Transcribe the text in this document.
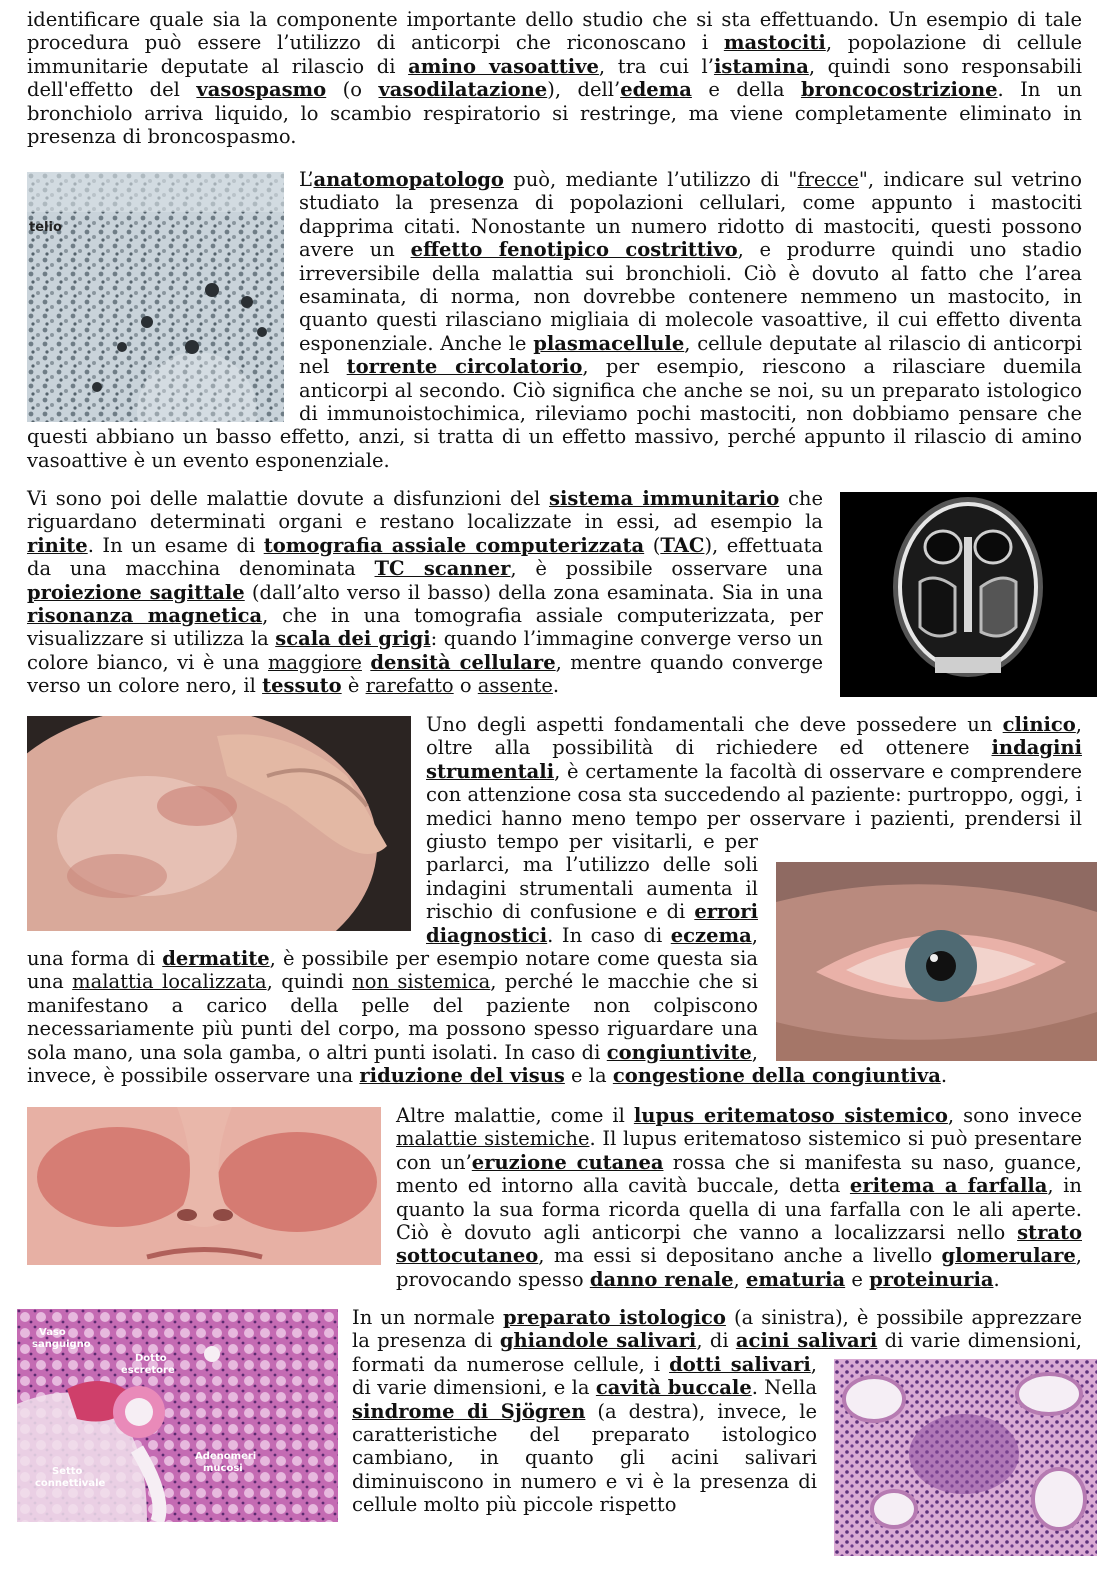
identificare quale sia la componente importante dello studio che si sta effettuando. Un esempio di tale procedura può essere l’utilizzo di anticorpi che riconoscano i mastociti, popolazione di cellule immunitarie deputate al rilascio di amino vasoattive, tra cui l’istamina, quindi sono responsabili dell'effetto del vasospasmo (o vasodilatazione), dell’edema e della broncocostrizione. In un bronchiolo arriva liquido, lo scambio respiratorio si restringe, ma viene completamente eliminato in presenza di broncospasmo.

telio

L’anatomopatologo può, mediante l’utilizzo di "frecce", indicare sul vetrino studiato la presenza di popolazioni cellulari, come appunto i mastociti dapprima citati. Nonostante un numero ridotto di mastociti, questi possono avere un effetto fenotipico costrittivo, e produrre quindi uno stadio irreversibile della malattia sui bronchioli. Ciò è dovuto al fatto che l’area esaminata, di norma, non dovrebbe contenere nemmeno un mastocito, in quanto questi rilasciano migliaia di molecole vasoattive, il cui effetto diventa esponenziale. Anche le plasmacellule, cellule deputate al rilascio di anticorpi nel torrente circolatorio, per esempio, riescono a rilasciare duemila anticorpi al secondo. Ciò significa che anche se noi, su un preparato istologico di immunoistochimica, rileviamo pochi mastociti, non dobbiamo pensare che questi abbiano un basso effetto, anzi, si tratta di un effetto massivo, perché appunto il rilascio di amino vasoattive è un evento esponenziale.

Vi sono poi delle malattie dovute a disfunzioni del sistema immunitario che riguardano determinati organi e restano localizzate in essi, ad esempio la rinite. In un esame di tomografia assiale computerizzata (TAC), effettuata da una macchina denominata TC scanner, è possibile osservare una proiezione sagittale (dall’alto verso il basso) della zona esaminata. Sia in una risonanza magnetica, che in una tomografia assiale computerizzata, per visualizzare si utilizza la scala dei grigi: quando l’immagine converge verso un colore bianco, vi è una maggiore densità cellulare, mentre quando converge verso un colore nero, il tessuto è rarefatto o assente.

Uno degli aspetti fondamentali che deve possedere un clinico, oltre alla possibilità di richiedere ed ottenere indagini strumentali, è certamente la facoltà di osservare e comprendere con attenzione cosa sta succedendo al paziente: purtroppo, oggi, i medici hanno meno tempo per osservare i pazienti, prendersi il giusto tempo per visitarli, e per parlarci, ma l’utilizzo delle soli indagini strumentali aumenta il rischio di confusione e di errori diagnostici. In caso di eczema, una forma di dermatite, è possibile per esempio notare come questa sia una malattia localizzata, quindi non sistemica, perché le macchie che si manifestano a carico della pelle del paziente non colpiscono necessariamente più punti del corpo, ma possono spesso riguardare una sola mano, una sola gamba, o altri punti isolati. In caso di congiuntivite, invece, è possibile osservare una riduzione del visus e la congestione della congiuntiva.

Altre malattie, come il lupus eritematoso sistemico, sono invece malattie sistemiche. Il lupus eritematoso sistemico si può presentare con un’eruzione cutanea rossa che si manifesta su naso, guance, mento ed intorno alla cavità buccale, detta eritema a farfalla, in quanto la sua forma ricorda quella di una farfalla con le ali aperte. Ciò è dovuto agli anticorpi che vanno a localizzarsi nello strato sottocutaneo, ma essi si depositano anche a livello glomerulare, provocando spesso danno renale, ematuria e proteinuria.

Vaso
sanguigno
Dotto
escretore
Setto
connettivale
Adenomeri
mucosi

In un normale preparato istologico (a sinistra), è possibile apprezzare la presenza di ghiandole salivari, di acini salivari di varie dimensioni, formati da numerose cellule, i dotti salivari, di varie dimensioni, e la cavità buccale. Nella sindrome di Sjögren (a destra), invece, le caratteristiche del preparato istologico cambiano, in quanto gli acini salivari diminuiscono in numero e vi è la presenza di cellule molto più piccole rispetto
